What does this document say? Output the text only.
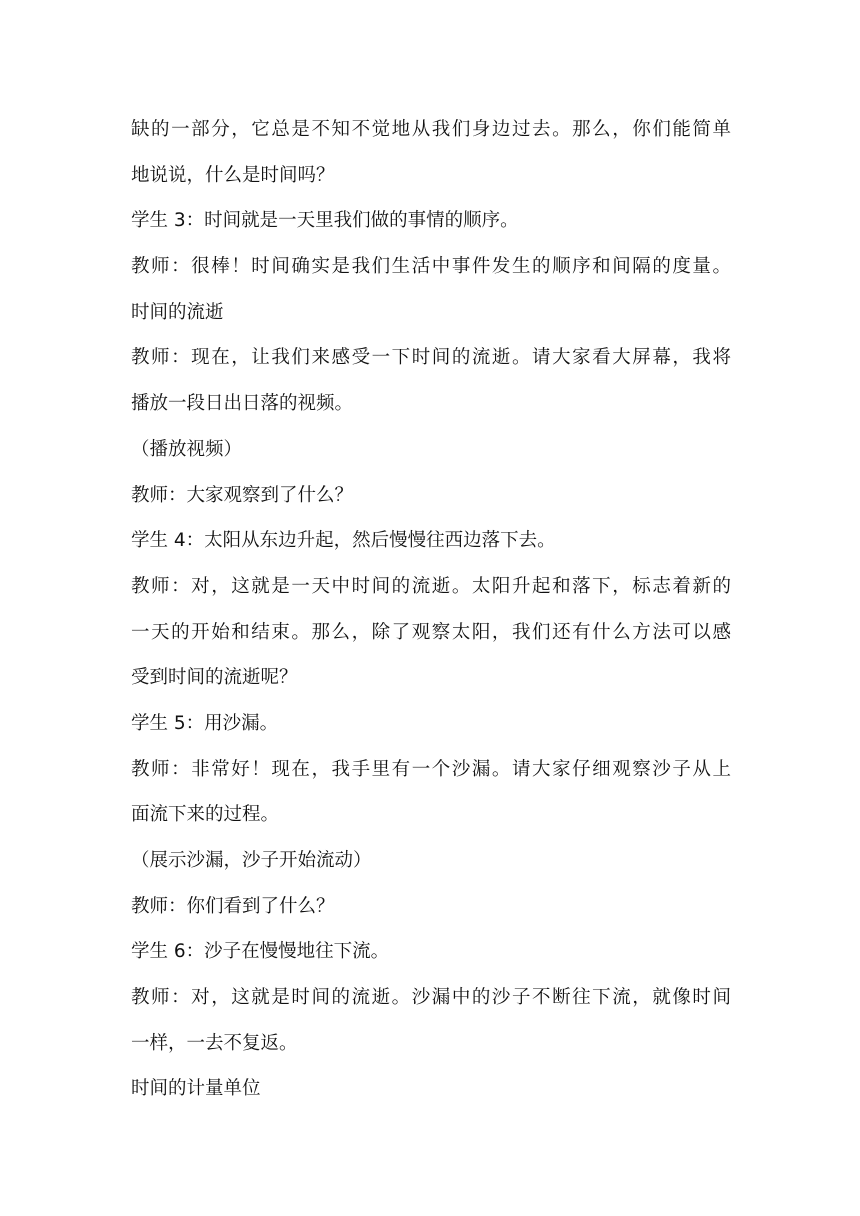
缺的一部分，它总是不知不觉地从我们身边过去。那么，你们能简单
地说说，什么是时间吗？

学生 3：时间就是一天里我们做的事情的顺序。

教师：很棒！时间确实是我们生活中事件发生的顺序和间隔的度量。

时间的流逝

教师：现在，让我们来感受一下时间的流逝。请大家看大屏幕，我将
播放一段日出日落的视频。

（播放视频）

教师：大家观察到了什么？

学生 4：太阳从东边升起，然后慢慢往西边落下去。

教师：对，这就是一天中时间的流逝。太阳升起和落下，标志着新的
一天的开始和结束。那么，除了观察太阳，我们还有什么方法可以感
受到时间的流逝呢？

学生 5：用沙漏。

教师：非常好！现在，我手里有一个沙漏。请大家仔细观察沙子从上
面流下来的过程。

（展示沙漏，沙子开始流动）

教师：你们看到了什么？

学生 6：沙子在慢慢地往下流。

教师：对，这就是时间的流逝。沙漏中的沙子不断往下流，就像时间
一样，一去不复返。

时间的计量单位
